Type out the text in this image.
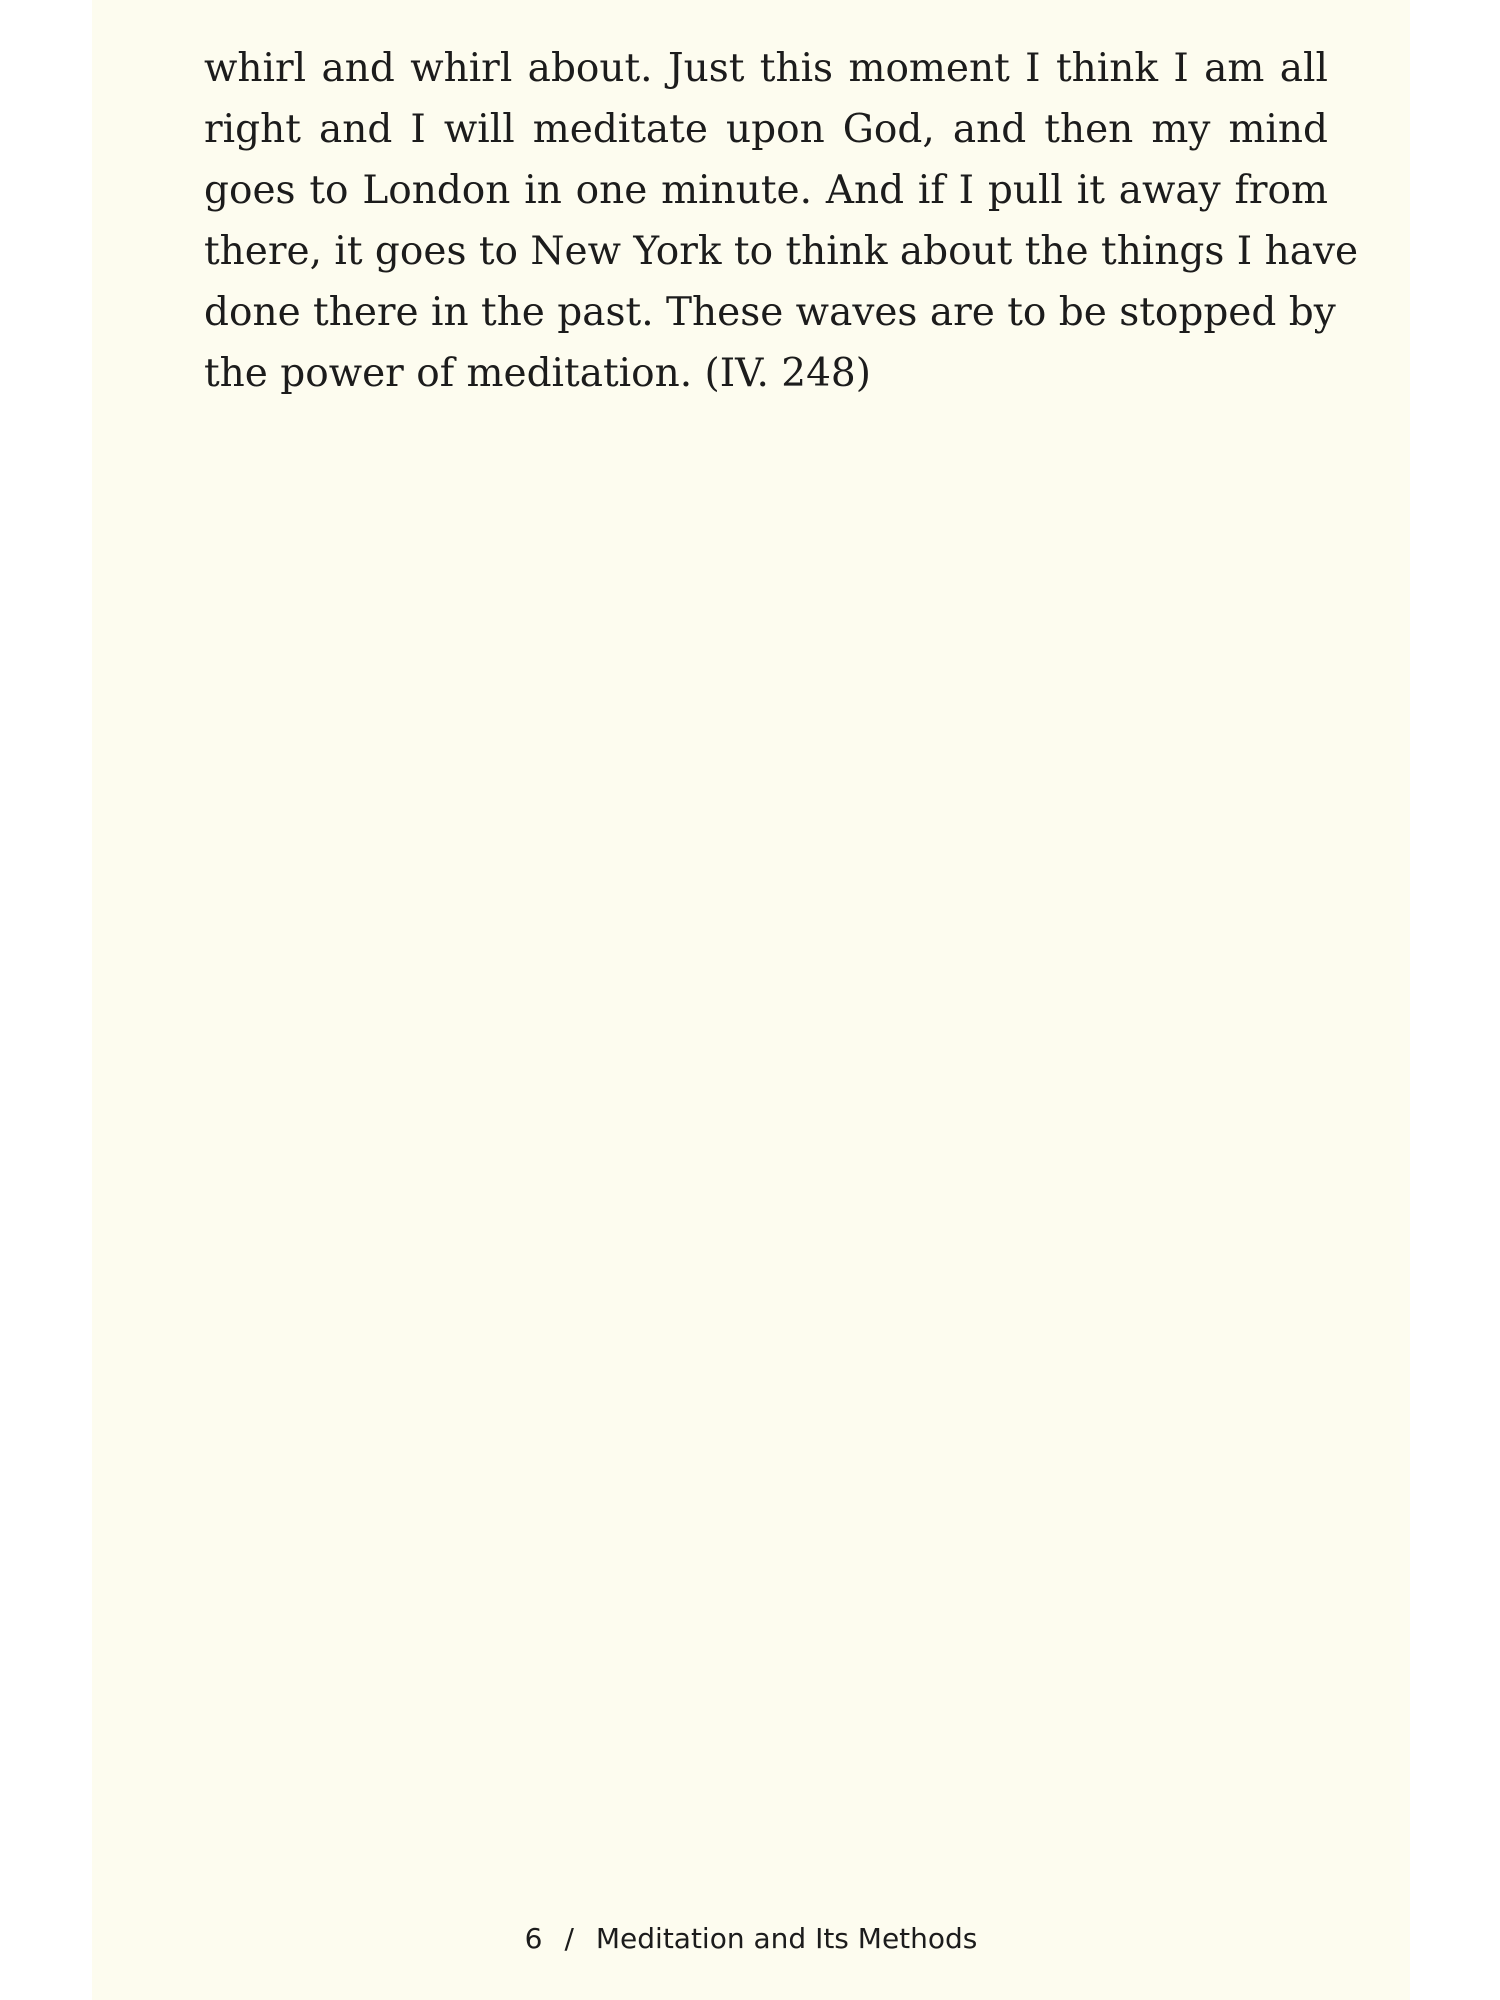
whirl and whirl about. Just this moment I think I am all
right and I will meditate upon God, and then my mind
goes to London in one minute. And if I pull it away from
there, it goes to New York to think about the things I have
done there in the past. These waves are to be stopped by
the power of meditation. (IV. 248)
6 / Meditation and Its Methods
